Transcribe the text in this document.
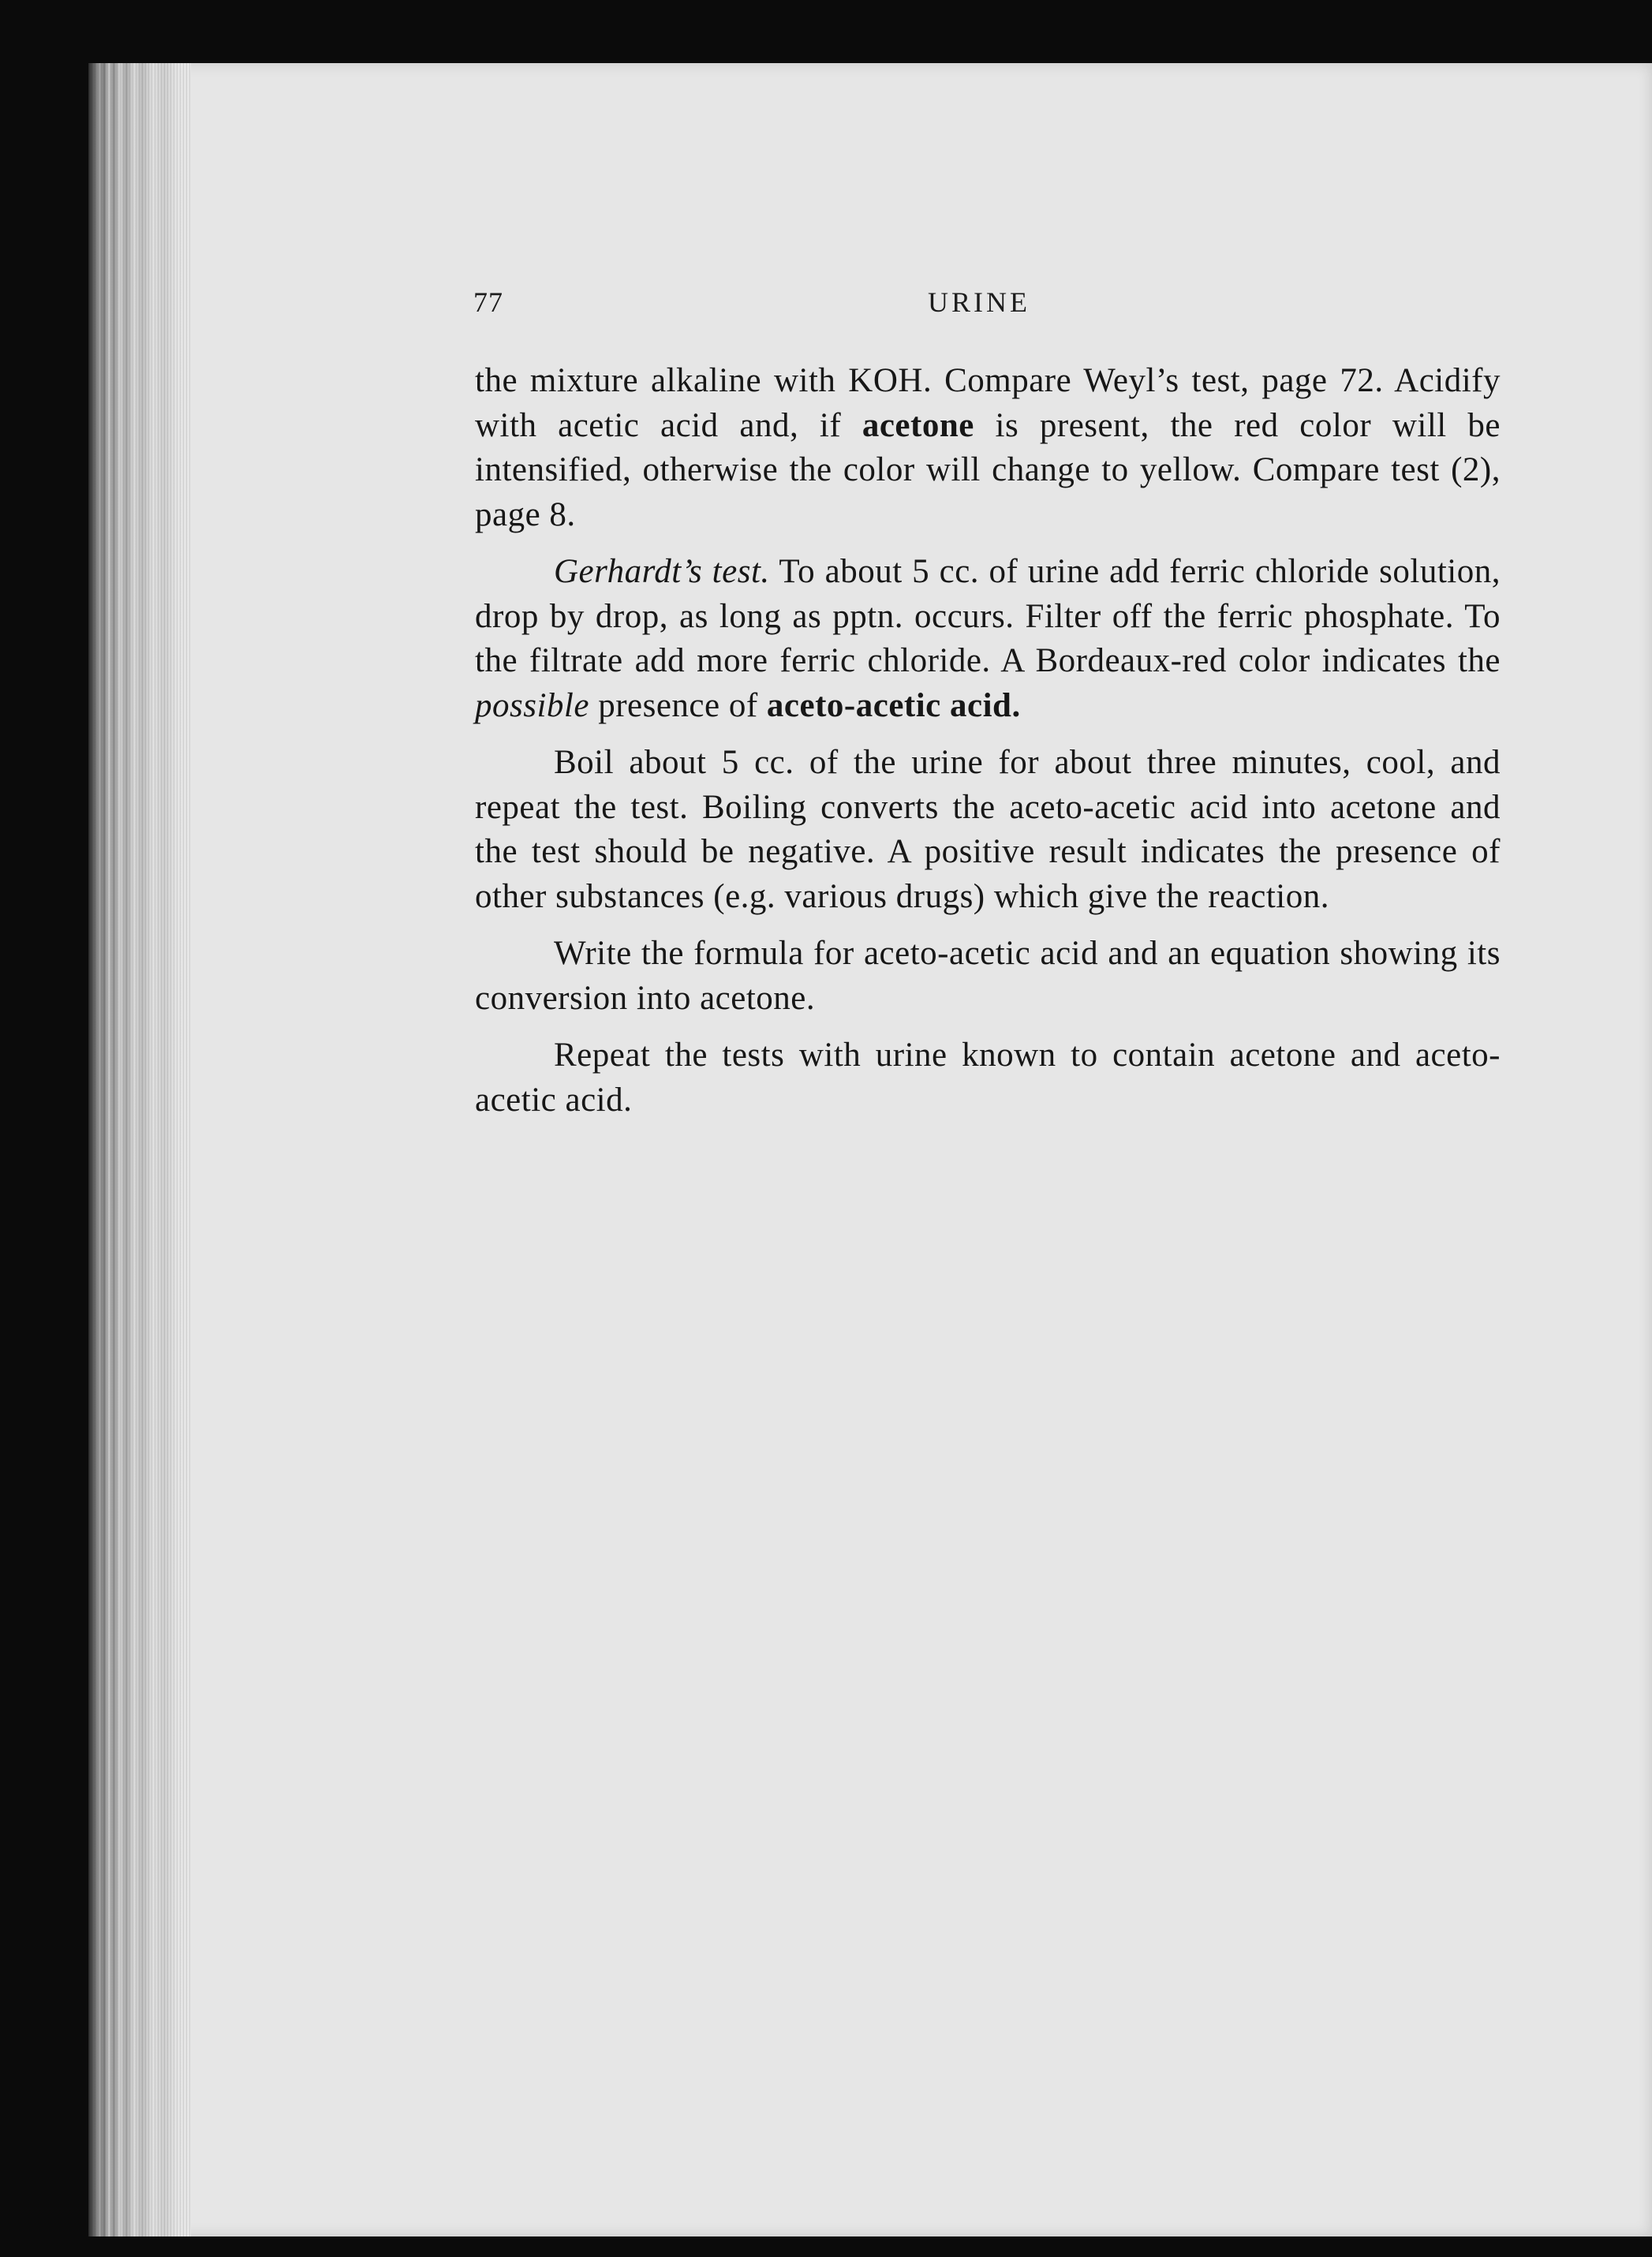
77	URINE

the mixture alkaline with KOH. Compare Weyl’s test, page 72. Acidify with acetic acid and, if acetone is present, the red color will be intensified, otherwise the color will change to yellow. Compare test (2), page 8.

Gerhardt’s test. To about 5 cc. of urine add ferric chloride solution, drop by drop, as long as pptn. occurs. Filter off the ferric phosphate. To the filtrate add more ferric chloride. A Bordeaux-red color indicates the possible presence of aceto-acetic acid.

Boil about 5 cc. of the urine for about three minutes, cool, and repeat the test. Boiling converts the aceto-acetic acid into acetone and the test should be negative. A positive result indicates the presence of other substances (e.g. various drugs) which give the reaction.

Write the formula for aceto-acetic acid and an equation showing its conversion into acetone.

Repeat the tests with urine known to contain acetone and aceto-acetic acid.
